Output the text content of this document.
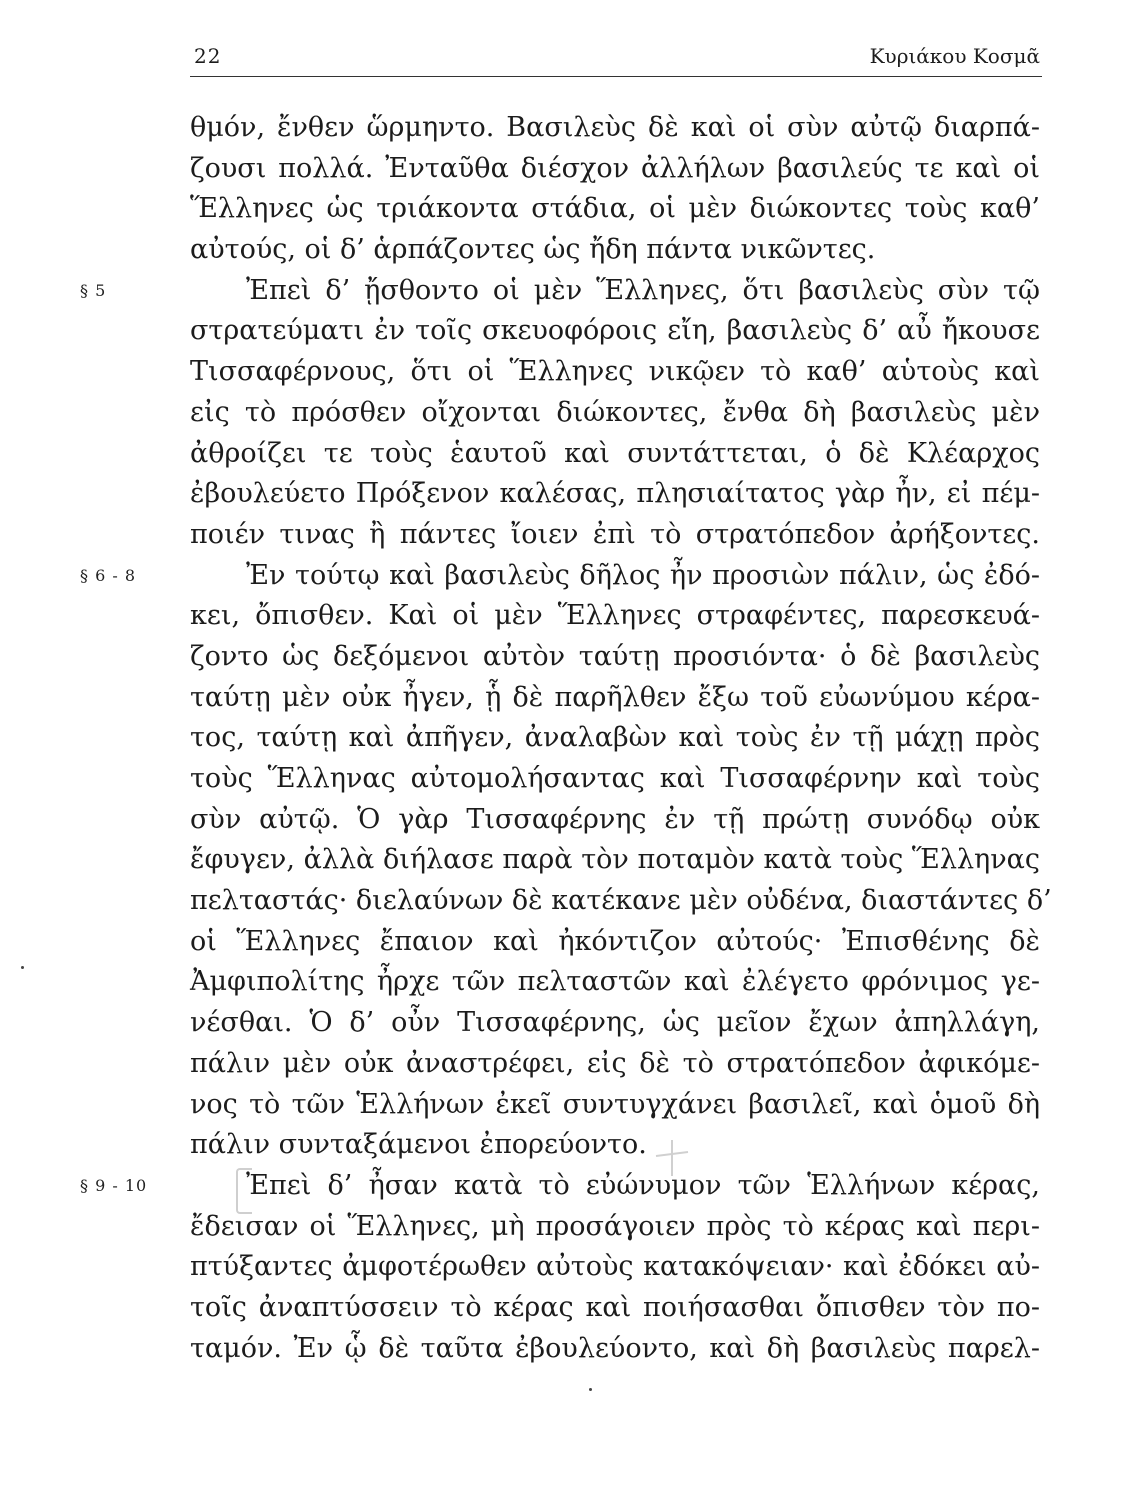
22	Κυριάκου Κοσμᾶ
θμόν, ἔνθεν ὥρμηντο. Βασιλεὺς δὲ καὶ οἱ σὺν αὐτῷ διαρπά-
ζουσι πολλά. Ἐνταῦθα διέσχον ἀλλήλων βασιλεύς τε καὶ οἱ
Ἕλληνες ὡς τριάκοντα στάδια, οἱ μὲν διώκοντες τοὺς καθ’
αὐτούς, οἱ δ’ ἁρπάζοντες ὡς ἤδη πάντα νικῶντες.
§ 5	Ἐπεὶ δ’ ᾔσθοντο οἱ μὲν Ἕλληνες, ὅτι βασιλεὺς σὺν τῷ
στρατεύματι ἐν τοῖς σκευοφόροις εἴη, βασιλεὺς δ’ αὖ ἤκουσε
Τισσαφέρνους, ὅτι οἱ Ἕλληνες νικῷεν τὸ καθ’ αὑτοὺς καὶ
εἰς τὸ πρόσθεν οἴχονται διώκοντες, ἔνθα δὴ βασιλεὺς μὲν
ἀθροίζει τε τοὺς ἑαυτοῦ καὶ συντάττεται, ὁ δὲ Κλέαρχος
ἐβουλεύετο Πρόξενον καλέσας, πλησιαίτατος γὰρ ἦν, εἰ πέμ-
ποιέν τινας ἢ πάντες ἴοιεν ἐπὶ τὸ στρατόπεδον ἀρήξοντες.
§ 6 - 8	Ἐν τούτῳ καὶ βασιλεὺς δῆλος ἦν προσιὼν πάλιν, ὡς ἐδό-
κει, ὄπισθεν. Καὶ οἱ μὲν Ἕλληνες στραφέντες, παρεσκευά-
ζοντο ὡς δεξόμενοι αὐτὸν ταύτῃ προσιόντα· ὁ δὲ βασιλεὺς
ταύτῃ μὲν οὐκ ἦγεν, ᾗ δὲ παρῆλθεν ἔξω τοῦ εὐωνύμου κέρα-
τος, ταύτῃ καὶ ἀπῆγεν, ἀναλαβὼν καὶ τοὺς ἐν τῇ μάχῃ πρὸς
τοὺς Ἕλληνας αὐτομολήσαντας καὶ Τισσαφέρνην καὶ τοὺς
σὺν αὐτῷ. Ὁ γὰρ Τισσαφέρνης ἐν τῇ πρώτῃ συνόδῳ οὐκ
ἔφυγεν, ἀλλὰ διήλασε παρὰ τὸν ποταμὸν κατὰ τοὺς Ἕλληνας
πελταστάς· διελαύνων δὲ κατέκανε μὲν οὐδένα, διαστάντες δ’
οἱ Ἕλληνες ἔπαιον καὶ ἠκόντιζον αὐτούς· Ἐπισθένης δὲ
Ἀμφιπολίτης ἦρχε τῶν πελταστῶν καὶ ἐλέγετο φρόνιμος γε-
νέσθαι. Ὁ δ’ οὖν Τισσαφέρνης, ὡς μεῖον ἔχων ἀπηλλάγη,
πάλιν μὲν οὐκ ἀναστρέφει, εἰς δὲ τὸ στρατόπεδον ἀφικόμε-
νος τὸ τῶν Ἑλλήνων ἐκεῖ συντυγχάνει βασιλεῖ, καὶ ὁμοῦ δὴ
πάλιν συνταξάμενοι ἐπορεύοντο.
§ 9 - 10	Ἐπεὶ δ’ ἦσαν κατὰ τὸ εὐώνυμον τῶν Ἑλλήνων κέρας,
ἔδεισαν οἱ Ἕλληνες, μὴ προσάγοιεν πρὸς τὸ κέρας καὶ περι-
πτύξαντες ἀμφοτέρωθεν αὐτοὺς κατακόψειαν· καὶ ἐδόκει αὐ-
τοῖς ἀναπτύσσειν τὸ κέρας καὶ ποιήσασθαι ὄπισθεν τὸν πο-
ταμόν. Ἐν ᾧ δὲ ταῦτα ἐβουλεύοντο, καὶ δὴ βασιλεὺς παρελ-
